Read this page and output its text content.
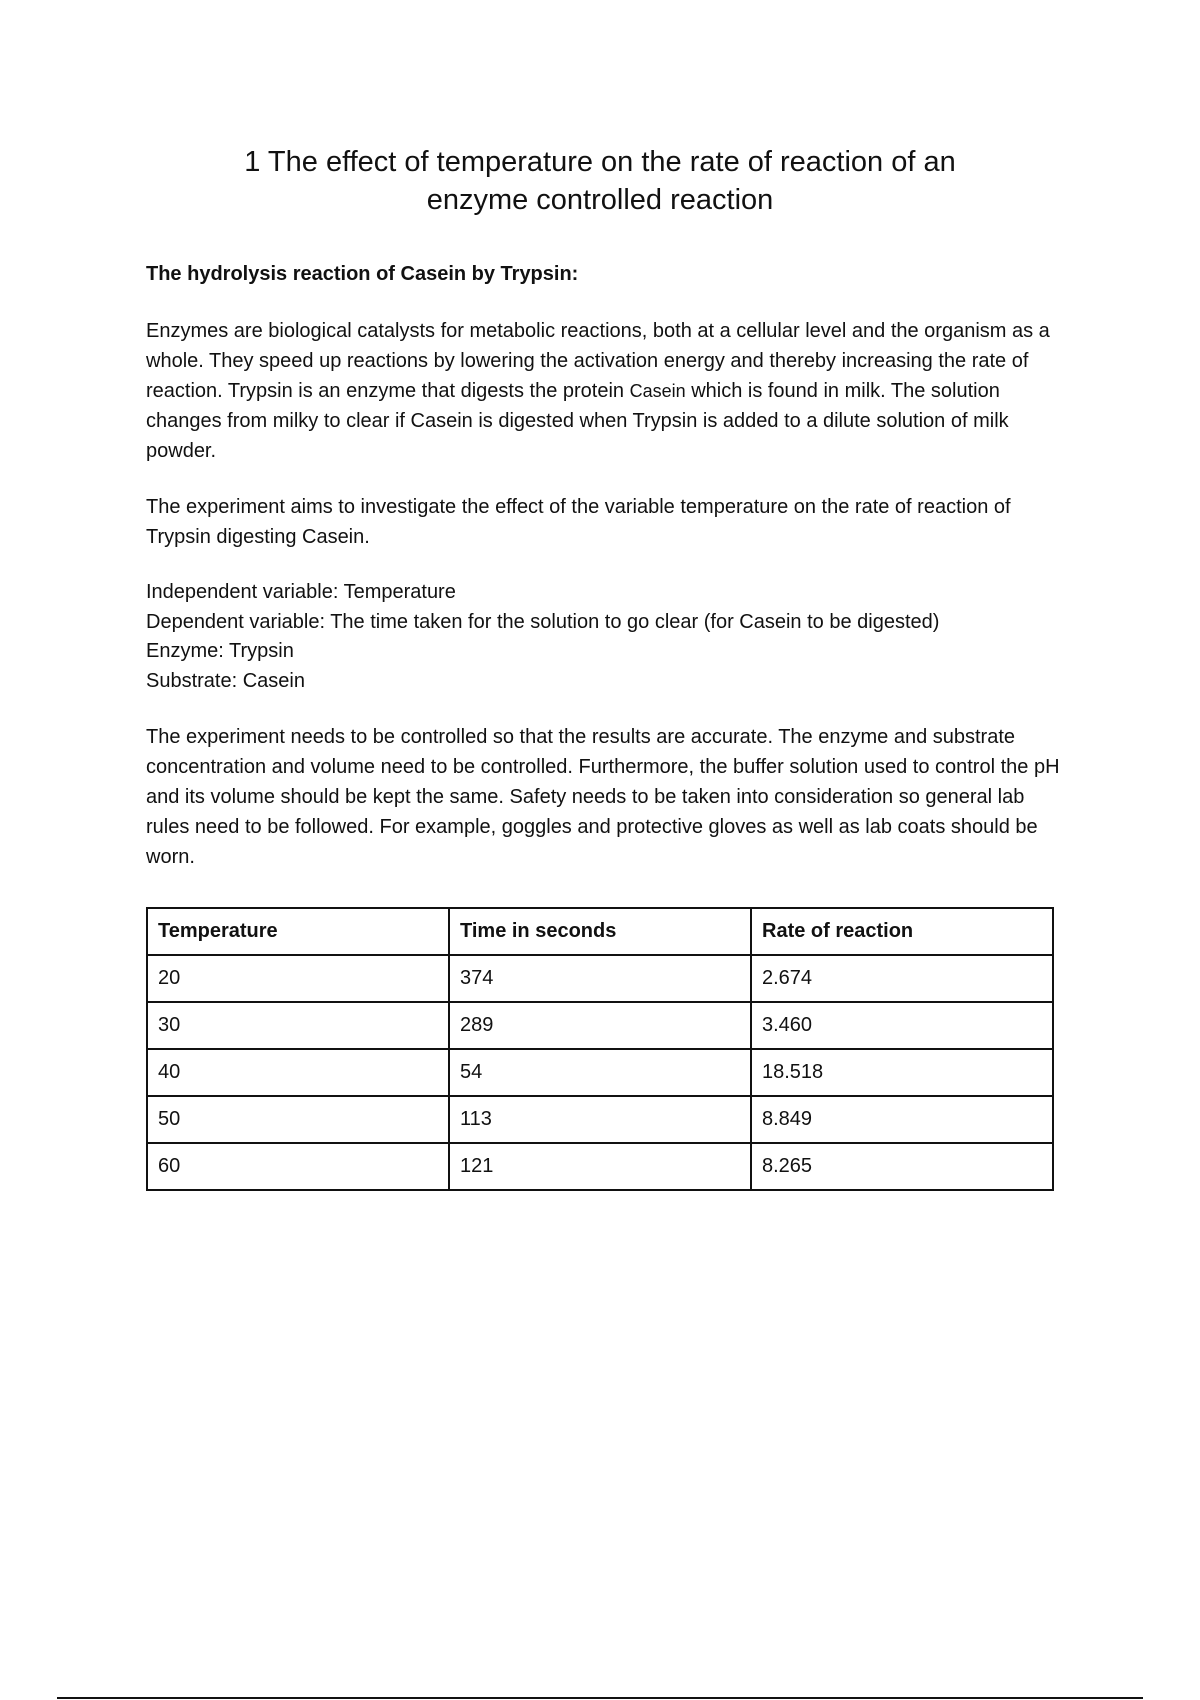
1 The effect of temperature on the rate of reaction of an
enzyme controlled reaction

The hydrolysis reaction of Casein by Trypsin:

Enzymes are biological catalysts for metabolic reactions, both at a cellular level and the organism as a whole. They speed up reactions by lowering the activation energy and thereby increasing the rate of reaction. Trypsin is an enzyme that digests the protein Casein which is found in milk. The solution changes from milky to clear if Casein is digested when Trypsin is added to a dilute solution of milk powder.

The experiment aims to investigate the effect of the variable temperature on the rate of reaction of Trypsin digesting Casein.

Independent variable: Temperature
Dependent variable: The time taken for the solution to go clear (for Casein to be digested)
Enzyme: Trypsin
Substrate: Casein

The experiment needs to be controlled so that the results are accurate. The enzyme and substrate concentration and volume need to be controlled. Furthermore, the buffer solution used to control the pH and its volume should be kept the same. Safety needs to be taken into consideration so general lab rules need to be followed. For example, goggles and protective gloves as well as lab coats should be worn.

Temperature	Time in seconds	Rate of reaction
20	374	2.674
30	289	3.460
40	54	18.518
50	113	8.849
60	121	8.265
